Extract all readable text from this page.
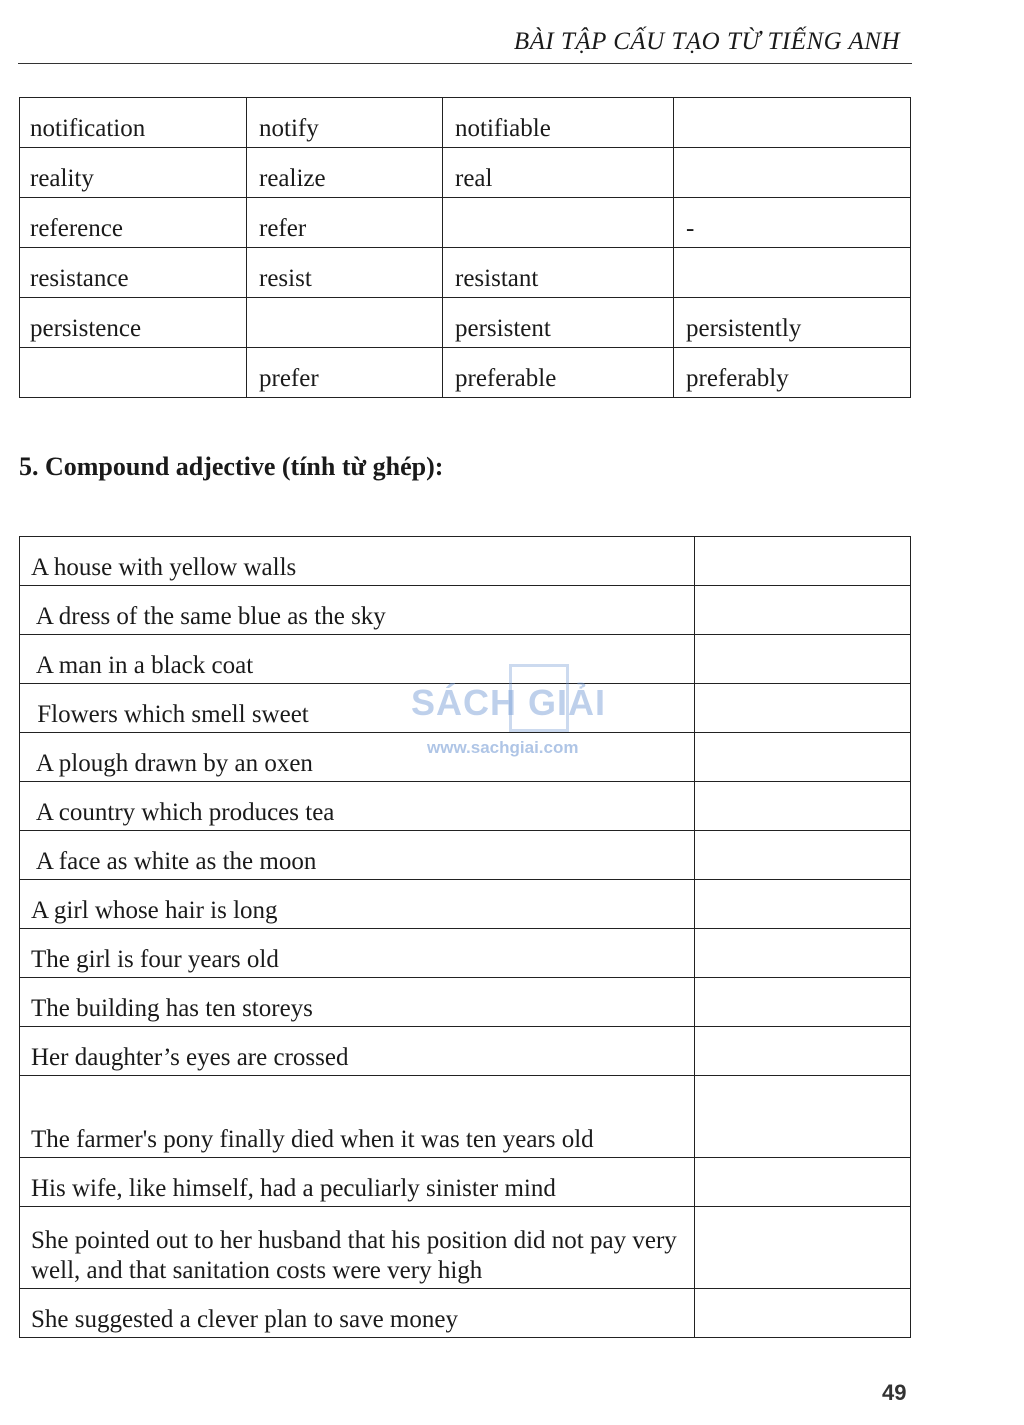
BÀI TẬP CẤU TẠO TỪ TIẾNG ANH
notification	notify	notifiable	
reality	realize	real	
reference	refer		-
resistance	resist	resistant	
persistence		persistent	persistently
	prefer	preferable	preferably
5. Compound adjective (tính từ ghép):
A house with yellow walls	
A dress of the same blue as the sky	
A man in a black coat	
Flowers which smell sweet	
A plough drawn by an oxen	
A country which produces tea	
A face as white as the moon	
A girl whose hair is long	
The girl is four years old	
The building has ten storeys	
Her daughter’s eyes are crossed	
The farmer's pony finally died when it was ten years old	
His wife, like himself, had a peculiarly sinister mind	
She pointed out to her husband that his position did not pay very well, and that sanitation costs were very high	
She suggested a clever plan to save money	
SÁCH GIẢI
www.sachgiai.com
49
